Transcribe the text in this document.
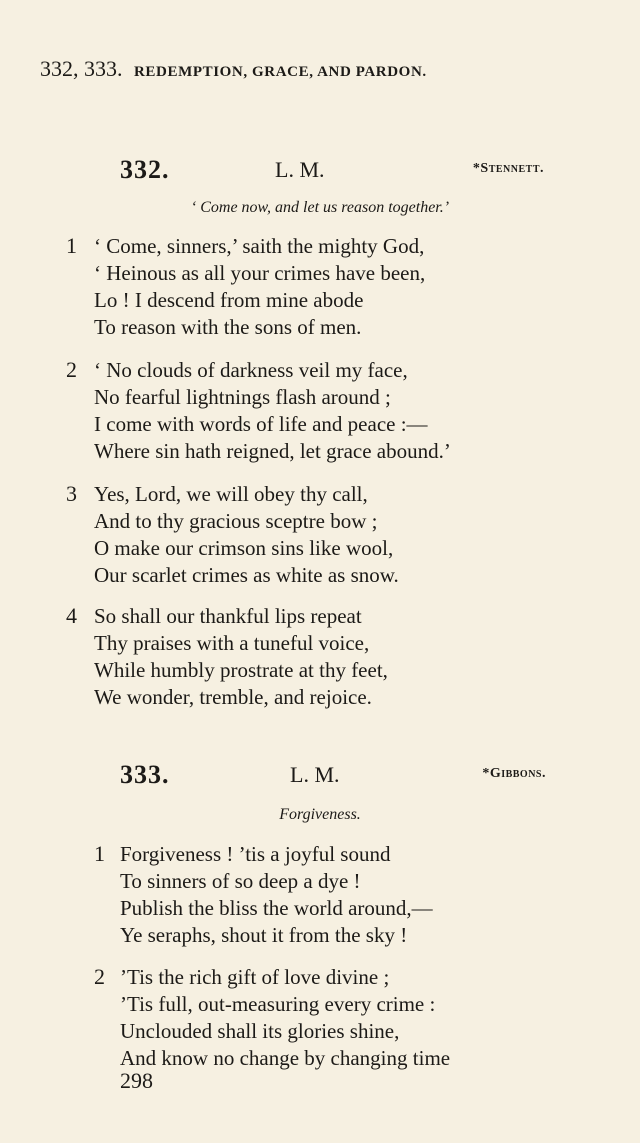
332, 333. REDEMPTION, GRACE, AND PARDON.
332.	L. M.	*Stennett.
‘ Come now, and let us reason together.’
1 ‘ Come, sinners,’ saith the mighty God,
‘ Heinous as all your crimes have been,
Lo ! I descend from mine abode
To reason with the sons of men.
2 ‘ No clouds of darkness veil my face,
No fearful lightnings flash around ;
I come with words of life and peace :—
Where sin hath reigned, let grace abound.’
3 Yes, Lord, we will obey thy call,
And to thy gracious sceptre bow ;
O make our crimson sins like wool,
Our scarlet crimes as white as snow.
4 So shall our thankful lips repeat
Thy praises with a tuneful voice,
While humbly prostrate at thy feet,
We wonder, tremble, and rejoice.
333.	L. M.	*Gibbons.
Forgiveness.
1 Forgiveness ! ’tis a joyful sound
To sinners of so deep a dye !
Publish the bliss the world around,—
Ye seraphs, shout it from the sky !
2 ’Tis the rich gift of love divine ;
’Tis full, out-measuring every crime :
Unclouded shall its glories shine,
And know no change by changing time
298
